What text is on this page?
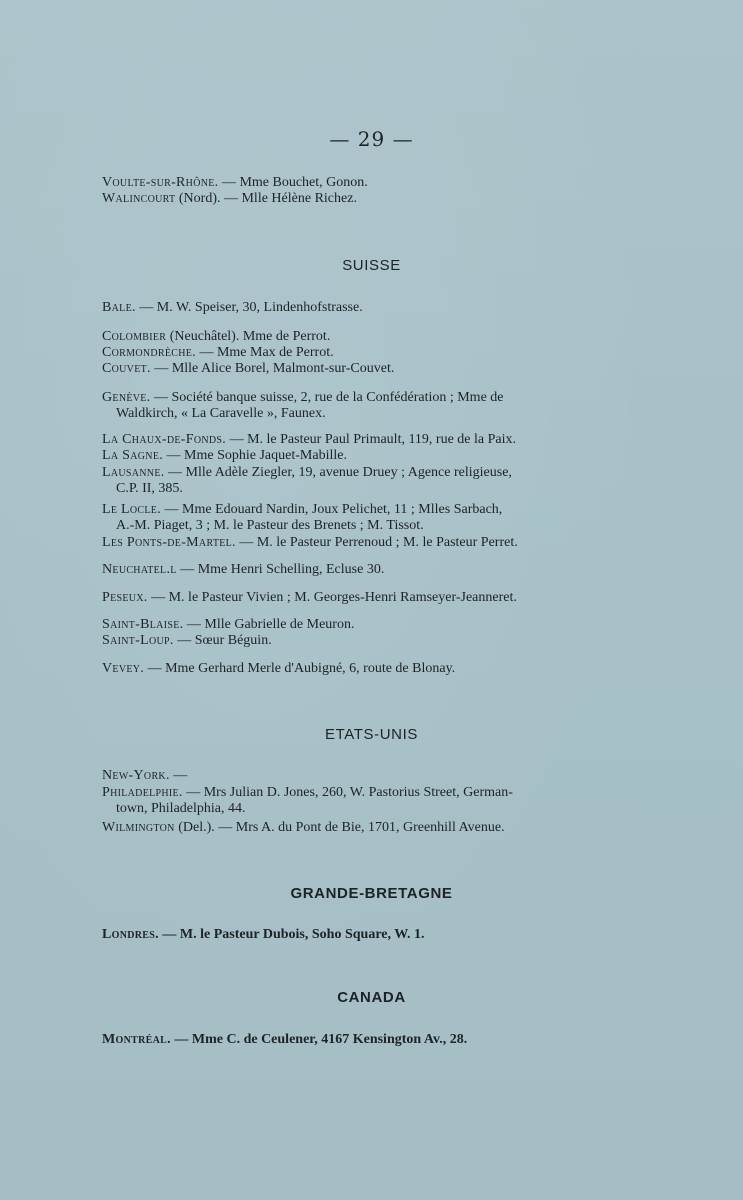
— 29 —
Voulte-sur-Rhône. — Mme Bouchet, Gonon.
Walincourt (Nord). — Mlle Hélène Richez.
SUISSE
Bale. — M. W. Speiser, 30, Lindenhofstrasse.
Colombier (Neuchâtel). Mme de Perrot.
Cormondrèche. — Mme Max de Perrot.
Couvet. — Mlle Alice Borel, Malmont-sur-Couvet.
Genève. — Société banque suisse, 2, rue de la Confédération ; Mme de
Waldkirch, « La Caravelle », Faunex.
La Chaux-de-Fonds. — M. le Pasteur Paul Primault, 119, rue de la Paix.
La Sagne. — Mme Sophie Jaquet-Mabille.
Lausanne. — Mlle Adèle Ziegler, 19, avenue Druey ; Agence religieuse,
C.P. II, 385.
Le Locle. — Mme Edouard Nardin, Joux Pelichet, 11 ; Mlles Sarbach,
A.-M. Piaget, 3 ; M. le Pasteur des Brenets ; M. Tissot.
Les Ponts-de-Martel. — M. le Pasteur Perrenoud ; M. le Pasteur Perret.
Neuchatel.l — Mme Henri Schelling, Ecluse 30.
Peseux. — M. le Pasteur Vivien ; M. Georges-Henri Ramseyer-Jeanneret.
Saint-Blaise. — Mlle Gabrielle de Meuron.
Saint-Loup. — Sœur Béguin.
Vevey. — Mme Gerhard Merle d'Aubigné, 6, route de Blonay.
ETATS-UNIS
New-York. —
Philadelphie. — Mrs Julian D. Jones, 260, W. Pastorius Street, German-
town, Philadelphia, 44.
Wilmington (Del.). — Mrs A. du Pont de Bie, 1701, Greenhill Avenue.
GRANDE-BRETAGNE
Londres. — M. le Pasteur Dubois, Soho Square, W. 1.
CANADA
Montréal. — Mme C. de Ceulener, 4167 Kensington Av., 28.
